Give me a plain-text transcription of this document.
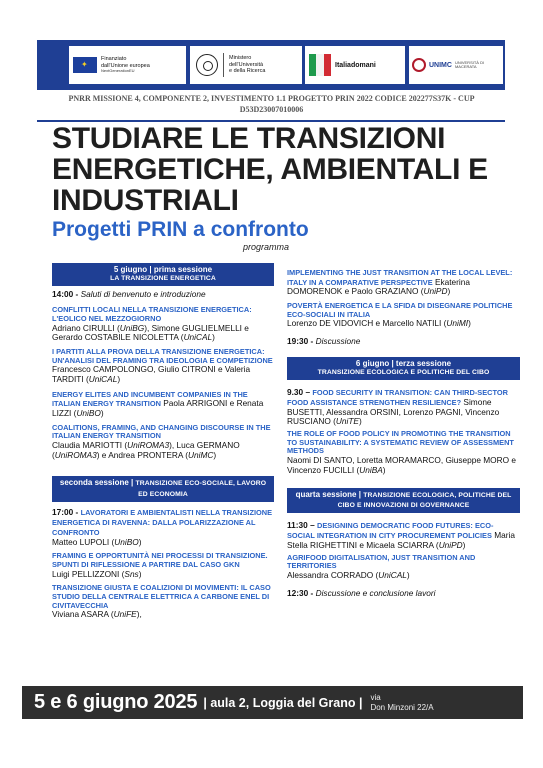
✦
Finanziato
dall'Unione europea
NextGenerationEU
Ministero
dell'Università
e della Ricerca
Italiadomani	UNIMC UNIVERSITÀ DI MACERATA
PNRR MISSIONE 4, COMPONENTE 2, INVESTIMENTO 1.1 PROGETTO PRIN 2022 CODICE 202277S37K - CUP D53D23007010006
STUDIARE LE TRANSIZIONI ENERGETICHE, AMBIENTALI E INDUSTRIALI
Progetti PRIN a confronto
programma
5 giugno | prima sessione
LA TRANSIZIONE ENERGETICA
14:00 - Saluti di benvenuto e introduzione
CONFLITTI LOCALI NELLA TRANSIZIONE ENERGETICA: L'EOLICO NEL MEZZOGIORNO
Adriano CIRULLI (UniBG), Simone GUGLIELMELLI e Gerardo COSTABILE NICOLETTA (UniCAL)
I PARTITI ALLA PROVA DELLA TRANSIZIONE ENERGETICA: UN'ANALISI DEL FRAMING TRA IDEOLOGIA E COMPETIZIONE
Francesco CAMPOLONGO, Giulio CITRONI e Valeria TARDITI (UniCAL)
ENERGY ELITES AND INCUMBENT COMPANIES IN THE ITALIAN ENERGY TRANSITION Paola ARRIGONI e Renata LIZZI (UniBO)
COALITIONS, FRAMING, AND CHANGING DISCOURSE IN THE ITALIAN ENERGY TRANSITION
Claudia MARIOTTI (UniROMA3), Luca GERMANO (UniROMA3) e Andrea PRONTERA (UniMC)
seconda sessione | TRANSIZIONE ECO-SOCIALE, LAVORO ED ECONOMIA
17:00 - LAVORATORI E AMBIENTALISTI NELLA TRANSIZIONE ENERGETICA DI RAVENNA: DALLA POLARIZZAZIONE AL CONFRONTO
Matteo LUPOLI (UniBO)
FRAMING E OPPORTUNITÀ NEI PROCESSI DI TRANSIZIONE. SPUNTI DI RIFLESSIONE A PARTIRE DAL CASO GKN
Luigi PELLIZZONI (Sns)
TRANSIZIONE GIUSTA E COALIZIONI DI MOVIMENTI: IL CASO STUDIO DELLA CENTRALE ELETTRICA A CARBONE ENEL DI CIVITAVECCHIA
Viviana ASARA (UniFE),
IMPLEMENTING THE JUST TRANSITION AT THE LOCAL LEVEL: ITALY IN A COMPARATIVE PERSPECTIVE Ekaterina DOMORENOK e Paolo GRAZIANO (UniPD)
POVERTÀ ENERGETICA E LA SFIDA DI DISEGNARE POLITICHE ECO-SOCIALI IN ITALIA
Lorenzo DE VIDOVICH e Marcello NATILI (UniMI)
19:30 - Discussione
6 giugno | terza sessione
TRANSIZIONE ECOLOGICA E POLITICHE DEL CIBO
9.30 – FOOD SECURITY IN TRANSITION: CAN THIRD-SECTOR FOOD ASSISTANCE STRENGTHEN RESILIENCE? Simone BUSETTI, Alessandra ORSINI, Lorenzo PAGNI, Vincenzo RUSCIANO (UniTE)
THE ROLE OF FOOD POLICY IN PROMOTING THE TRANSITION TO SUSTAINABILITY: A SYSTEMATIC REVIEW OF ASSESSMENT METHODS
Naomi DI SANTO, Loretta MORAMARCO, Giuseppe MORO e Vincenzo FUCILLI (UniBA)
quarta sessione | TRANSIZIONE ECOLOGICA, POLITICHE DEL CIBO E INNOVAZIONI DI GOVERNANCE
11:30 – DESIGNING DEMOCRATIC FOOD FUTURES: ECO-SOCIAL INTEGRATION IN CITY PROCUREMENT POLICIES Maria Stella RIGHETTINI e Micaela SCIARRA (UniPD)
AGRIFOOD DIGITALISATION, JUST TRANSITION AND TERRITORIES
Alessandra CORRADO (UniCAL)
12:30 - Discussione e conclusione lavori
5 e 6 giugno 2025 | aula 2, Loggia del Grano | via
Don Minzoni 22/A
